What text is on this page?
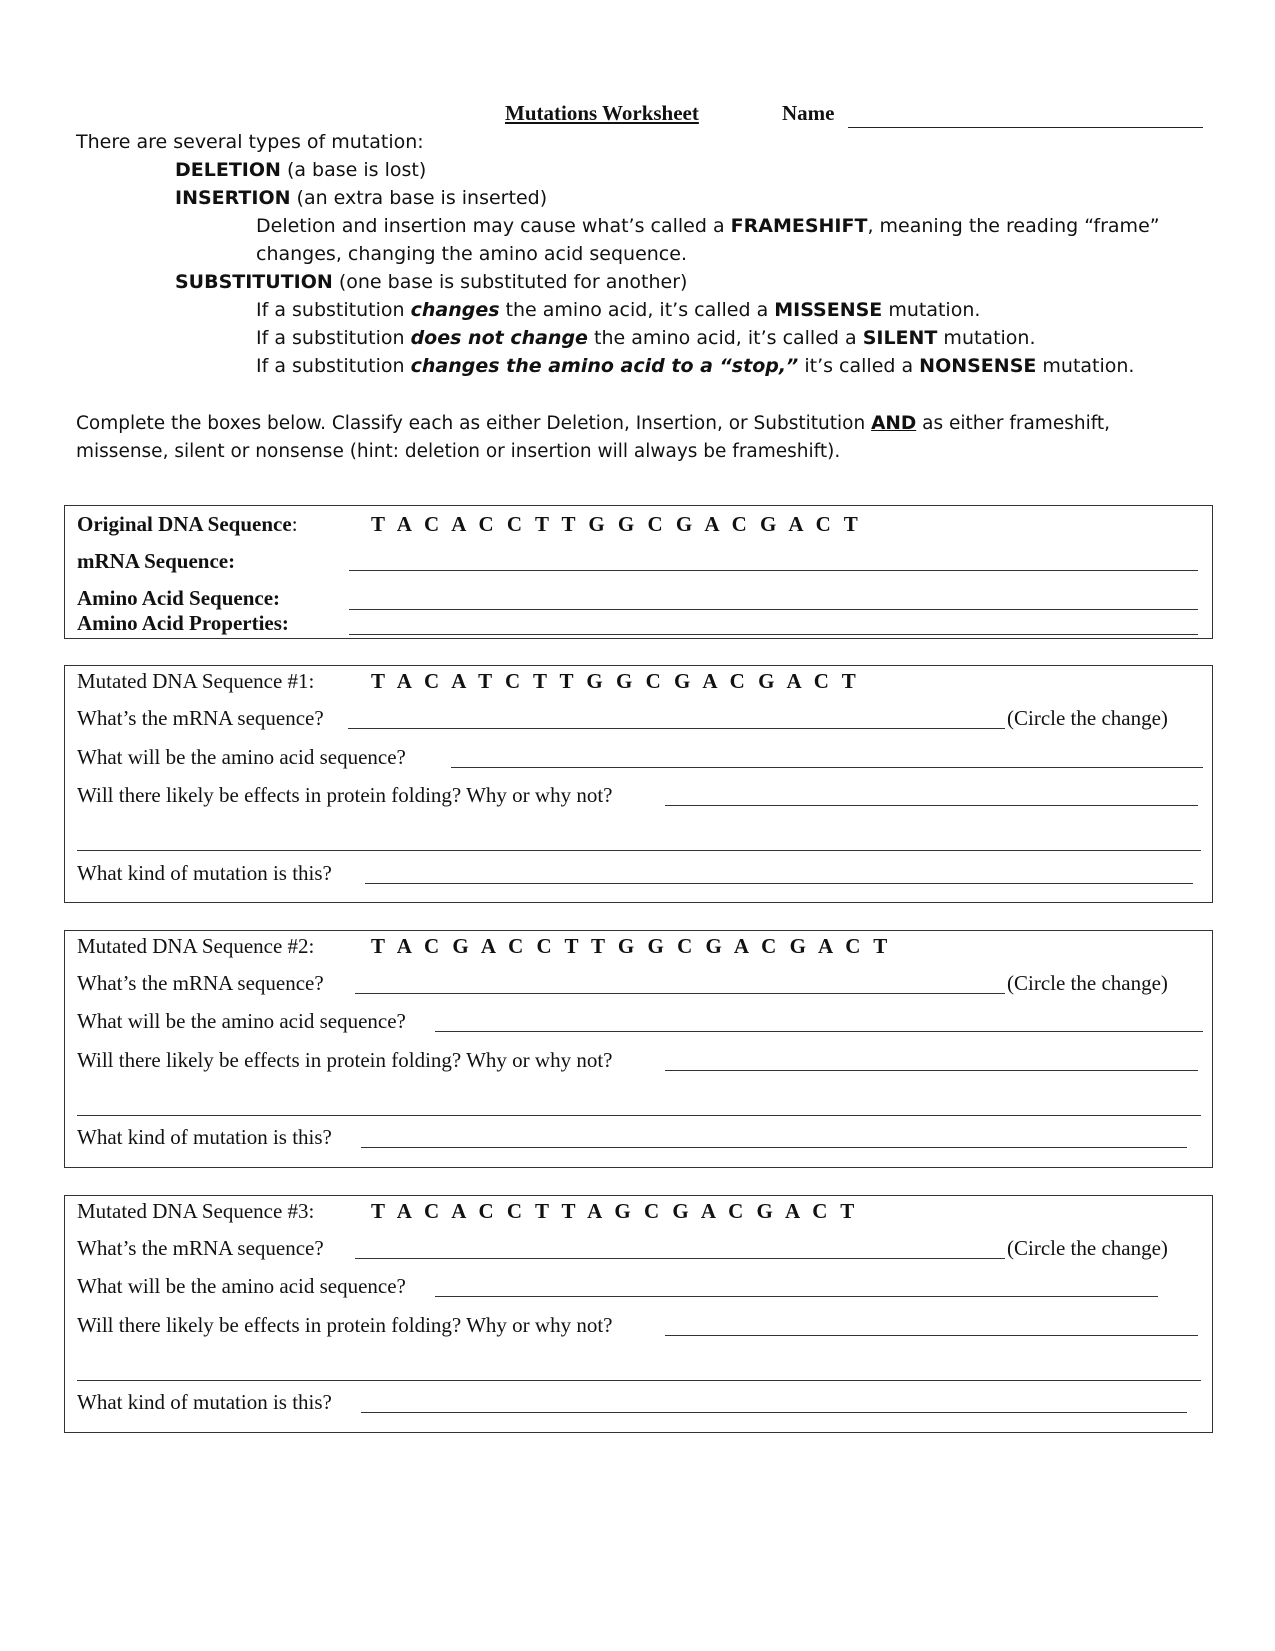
Mutations Worksheet	Name
There are several types of mutation:
DELETION (a base is lost)
INSERTION (an extra base is inserted)
Deletion and insertion may cause what’s called a FRAMESHIFT, meaning the reading “frame”
changes, changing the amino acid sequence.
SUBSTITUTION (one base is substituted for another)
If a substitution changes the amino acid, it’s called a MISSENSE mutation.
If a substitution does not change the amino acid, it’s called a SILENT mutation.
If a substitution changes the amino acid to a “stop,” it’s called a NONSENSE mutation.
Complete the boxes below. Classify each as either Deletion, Insertion, or Substitution AND as either frameshift,
missense, silent or nonsense (hint: deletion or insertion will always be frameshift).
Original DNA Sequence:	T A C A C C T T G G C G A C G A C T
mRNA Sequence:
Amino Acid Sequence:
Amino Acid Properties:
Mutated DNA Sequence #1:	T A C A T C T T G G C G A C G A C T
What’s the mRNA sequence?	(Circle the change)
What will be the amino acid sequence?
Will there likely be effects in protein folding? Why or why not?
What kind of mutation is this?
Mutated DNA Sequence #2:	T A C G A C C T T G G C G A C G A C T
What’s the mRNA sequence?	(Circle the change)
What will be the amino acid sequence?
Will there likely be effects in protein folding? Why or why not?
What kind of mutation is this?
Mutated DNA Sequence #3:	T A C A C C T T A G C G A C G A C T
What’s the mRNA sequence?	(Circle the change)
What will be the amino acid sequence?
Will there likely be effects in protein folding? Why or why not?
What kind of mutation is this?
